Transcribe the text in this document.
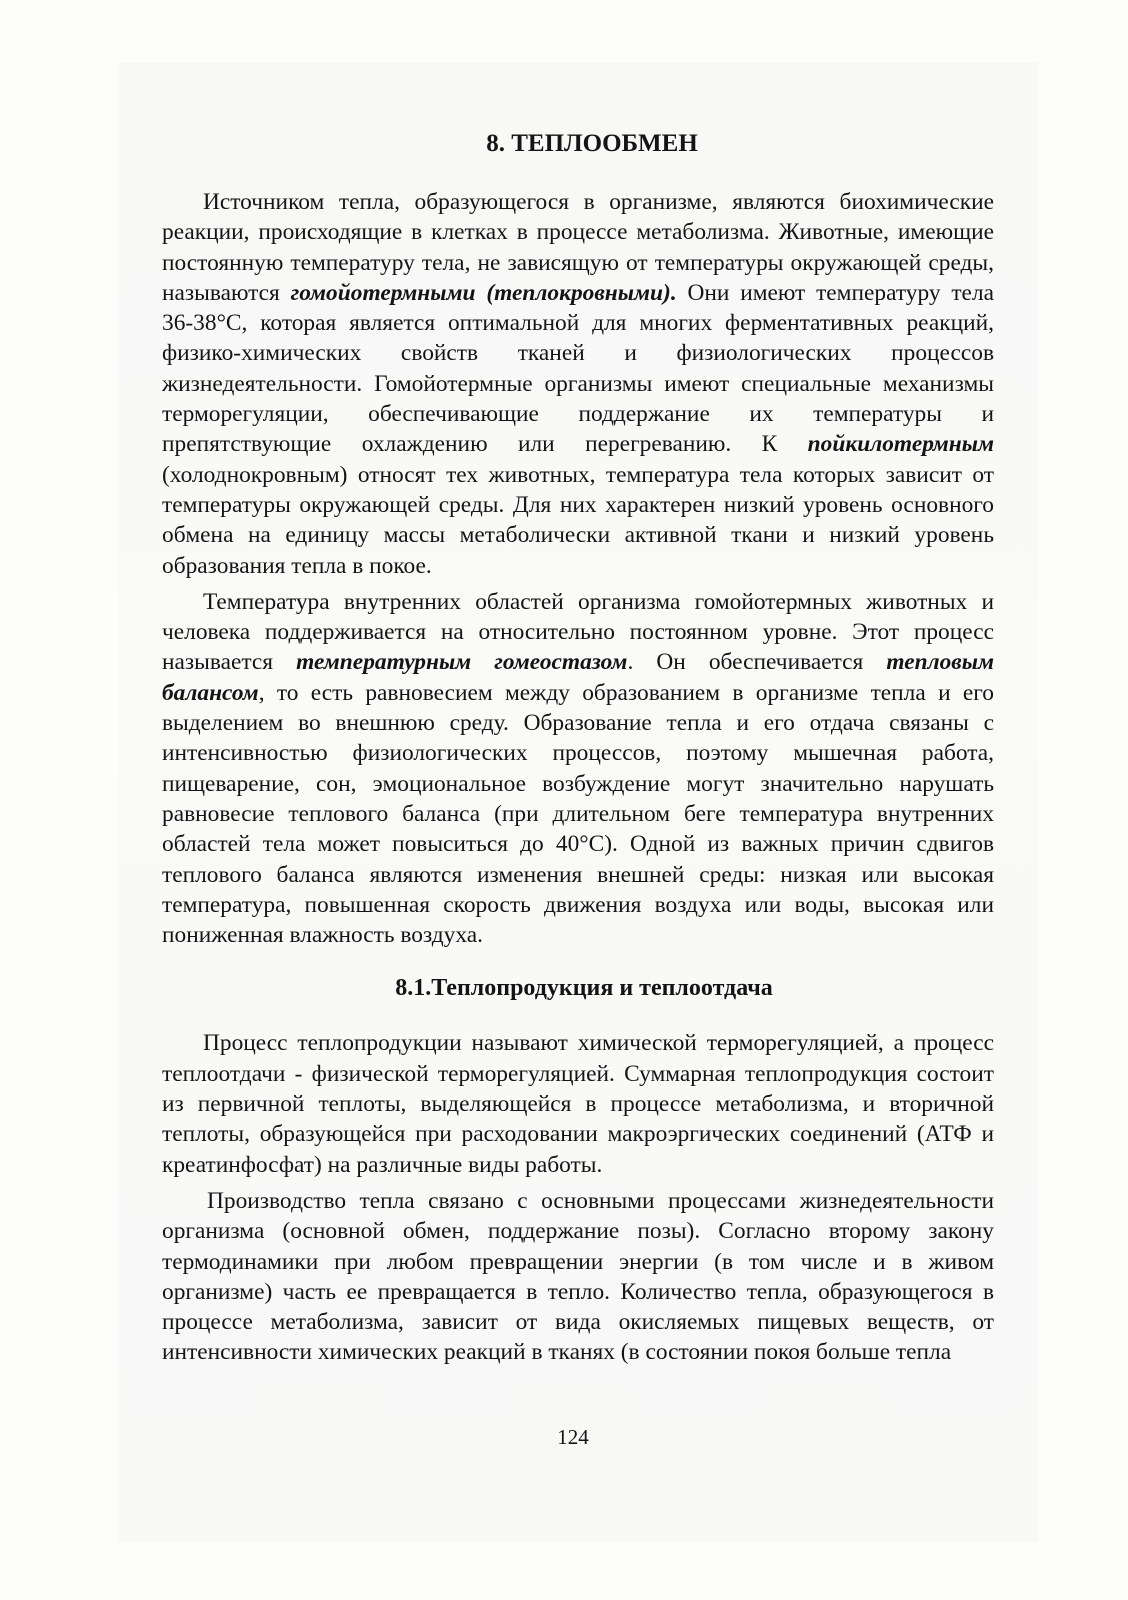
8. ТЕПЛООБМЕН

Источником тепла, образующегося в организме, являются биохимические реакции, происходящие в клетках в процессе метаболизма. Животные, имеющие постоянную температуру тела, не зависящую от температуры окружающей среды, называются гомойотермными (теплокровными). Они имеют температуру тела 36-38°С, которая является оптимальной для многих ферментативных реакций, физико-химических свойств тканей и физиологических процессов жизнедеятельности. Гомойотермные организмы имеют специальные механизмы терморегуляции, обеспечивающие поддержание их температуры и препятствующие охлаждению или перегреванию. К пойкилотермным (холоднокровным) относят тех животных, температура тела которых зависит от температуры окружающей среды. Для них характерен низкий уровень основного обмена на единицу массы метаболически активной ткани и низкий уровень образования тепла в покое.

Температура внутренних областей организма гомойотермных животных и человека поддерживается на относительно постоянном уровне. Этот процесс называется температурным гомеостазом. Он обеспечивается тепловым балансом, то есть равновесием между образованием в организме тепла и его выделением во внешнюю среду. Образование тепла и его отдача связаны с интенсивностью физиологических процессов, поэтому мышечная работа, пищеварение, сон, эмоциональное возбуждение могут значительно нарушать равновесие теплового баланса (при длительном беге температура внутренних областей тела может повыситься до 40°С). Одной из важных причин сдвигов теплового баланса являются изменения внешней среды: низкая или высокая температура, повышенная скорость движения воздуха или воды, высокая или пониженная влажность воздуха.

8.1.Теплопродукция и теплоотдача

Процесс теплопродукции называют химической терморегуляцией, а процесс теплоотдачи - физической терморегуляцией. Суммарная теплопродукция состоит из первичной теплоты, выделяющейся в процессе метаболизма, и вторичной теплоты, образующейся при расходовании макроэргических соединений (АТФ и креатинфосфат) на различные виды работы.

Производство тепла связано с основными процессами жизнедеятельности организма (основной обмен, поддержание позы). Согласно второму закону термодинамики при любом превращении энергии (в том числе и в живом организме) часть ее превращается в тепло. Количество тепла, образующегося в процессе метаболизма, зависит от вида окисляемых пищевых веществ, от интенсивности химических реакций в тканях (в состоянии покоя больше тепла

124
